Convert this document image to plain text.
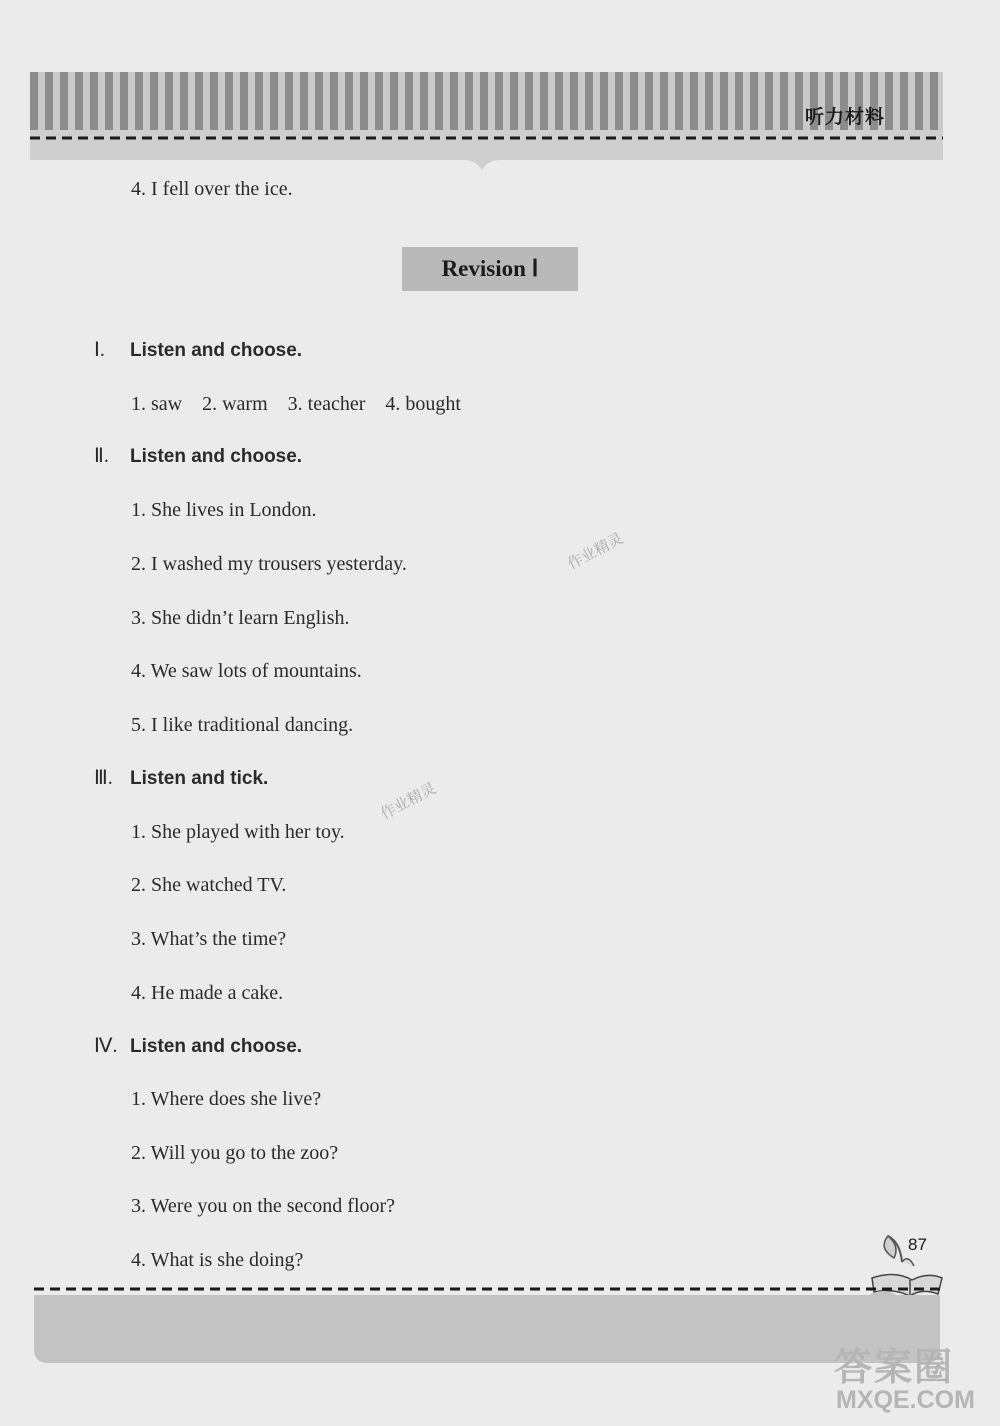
听力材料
4. I fell over the ice.
Revision Ⅰ
Ⅰ. Listen and choose.
1. saw    2. warm    3. teacher    4. bought
Ⅱ. Listen and choose.
1. She lives in London.
2. I washed my trousers yesterday.
3. She didn’t learn English.
4. We saw lots of mountains.
5. I like traditional dancing.
Ⅲ. Listen and tick.
1. She played with her toy.
2. She watched TV.
3. What’s the time?
4. He made a cake.
Ⅳ. Listen and choose.
1. Where does she live?
2. Will you go to the zoo?
3. Were you on the second floor?
4. What is she doing?
作业精灵
作业精灵
87
答案圈
MXQE.COM
